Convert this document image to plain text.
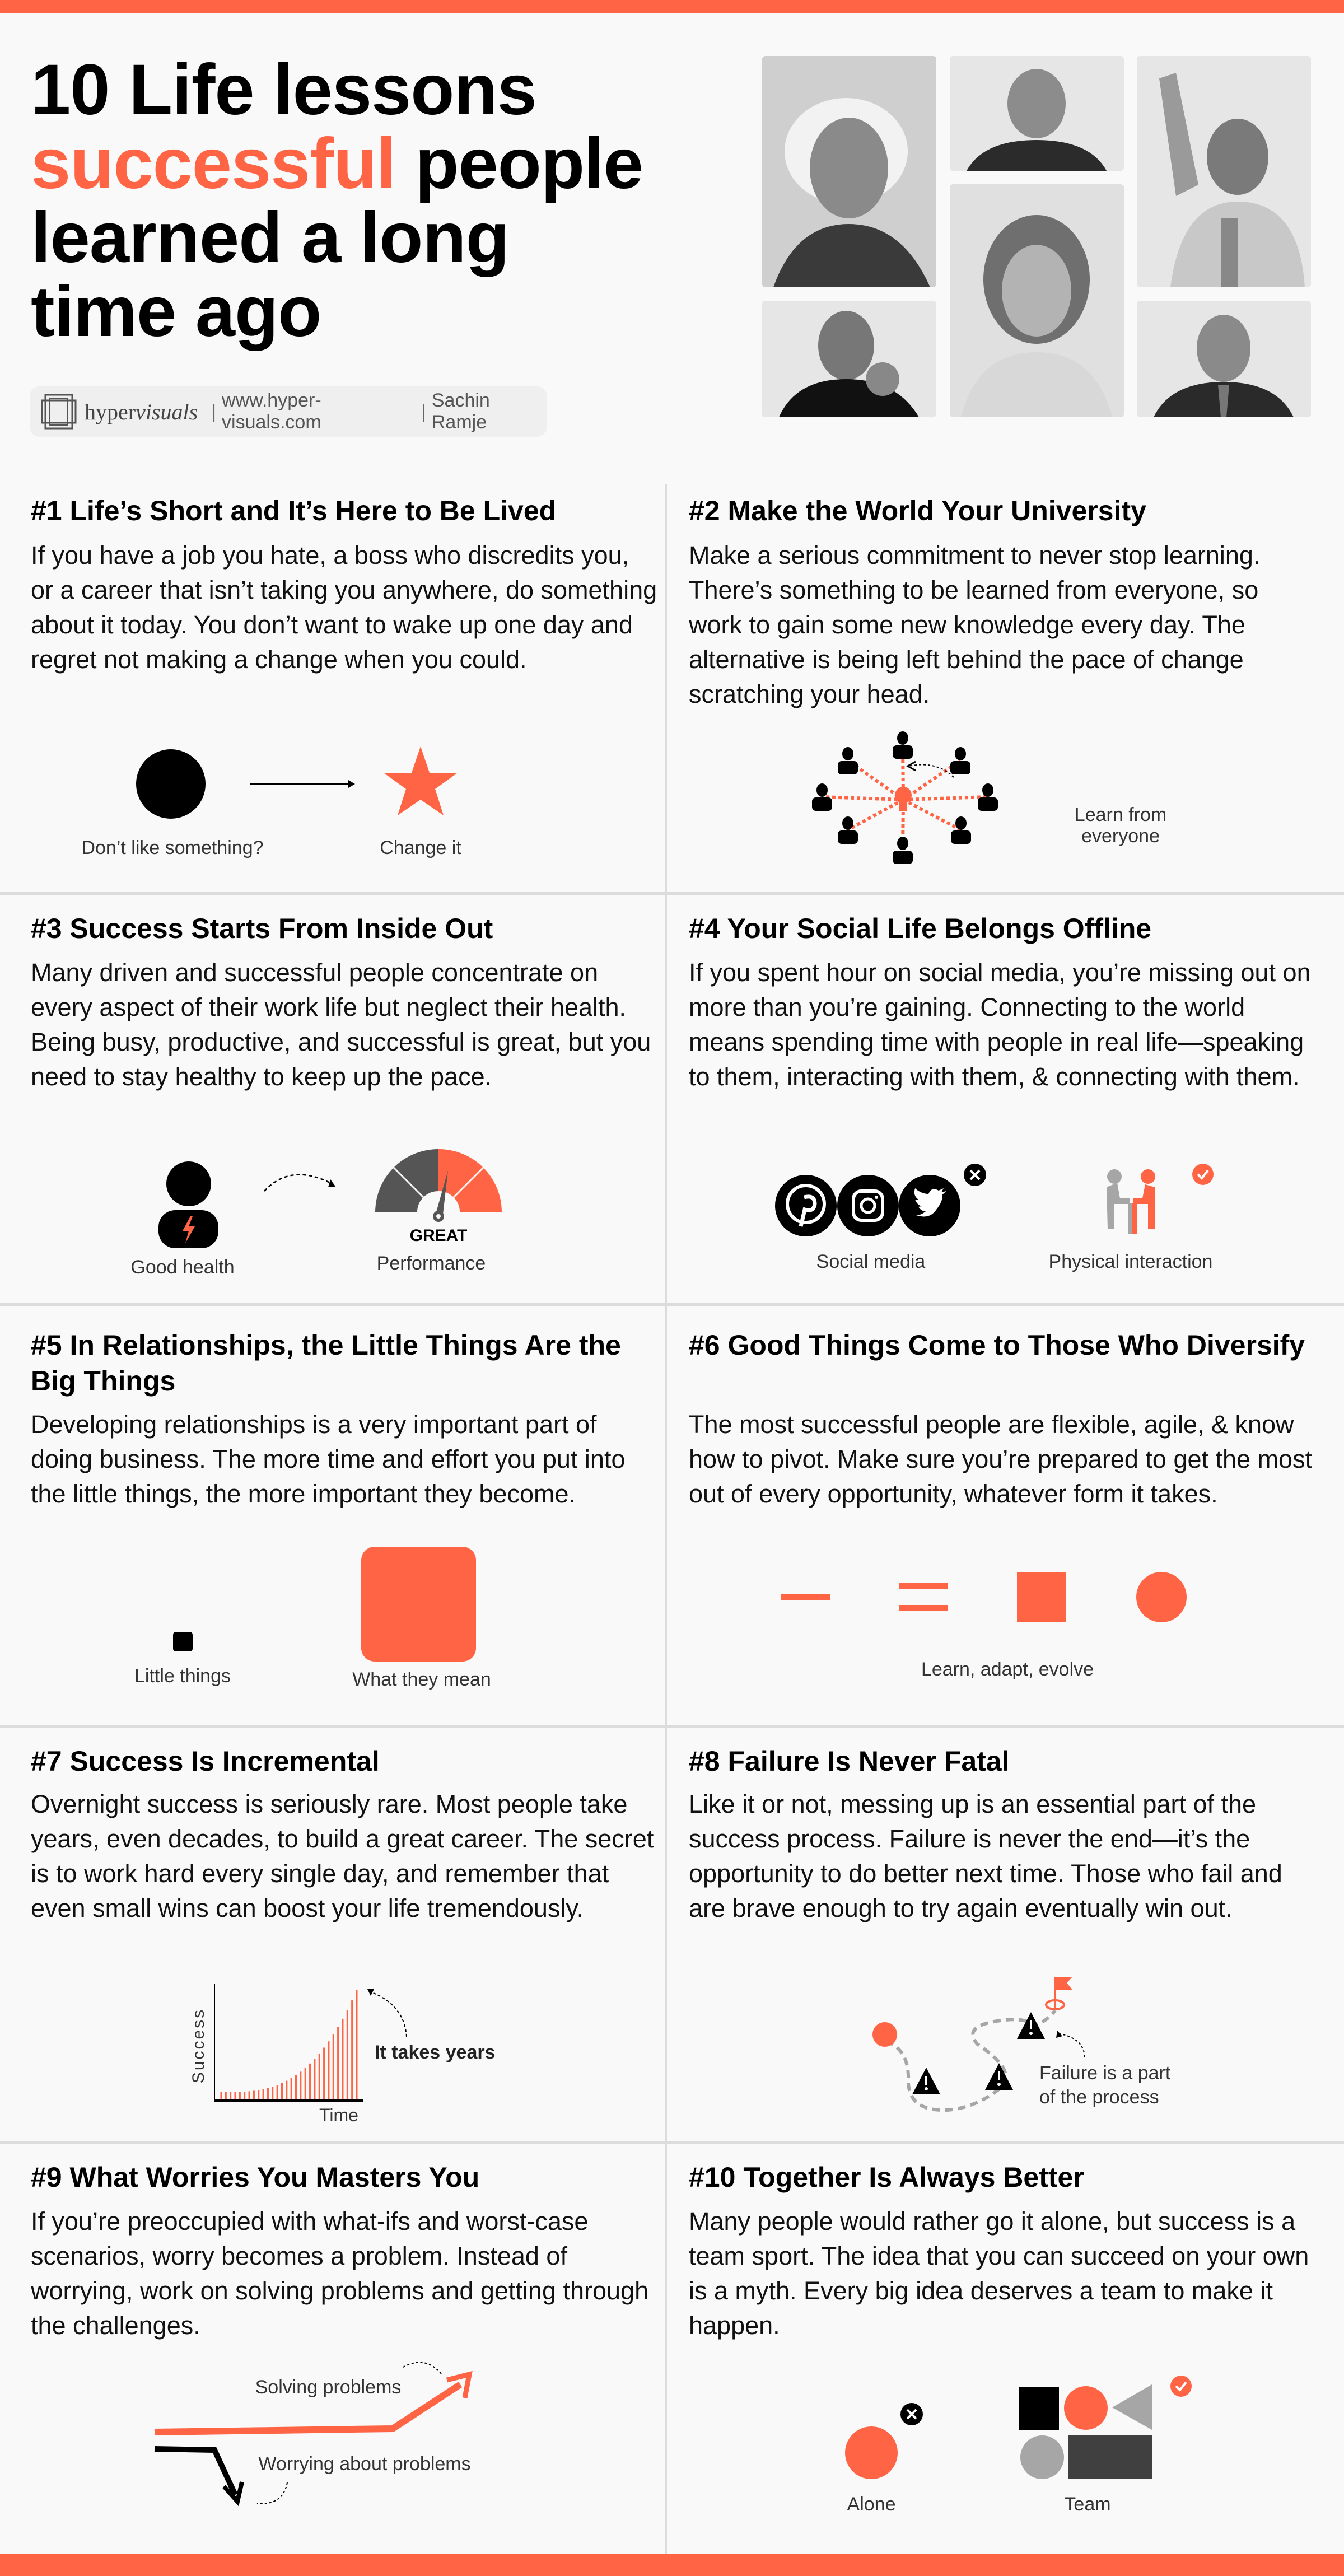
10 Life lessons
successful people
learned a long
time ago
hypervisuals |
www.hyper-visuals.com
|
Sachin Ramje
#1 Life’s Short and It’s Here to Be Lived
If you have a job you hate, a boss who discredits you, or a career that isn’t taking you anywhere, do something about it today. You don’t want to wake up one day and regret not making a change when you could.
Don’t like something?	Change it
#2 Make the World Your University
Make a serious commitment to never stop learning. There’s something to be learned from everyone, so work to gain some new knowledge every day. The alternative is being left behind the pace of change scratching your head.
Learn from
everyone
#3 Success Starts From Inside Out
Many driven and successful people concentrate on every aspect of their work life but neglect their health. Being busy, productive, and successful is great, but you need to stay healthy to keep up the pace.
Good health
GREAT
Performance
#4 Your Social Life Belongs Offline
If you spent hour on social media, you’re missing out on more than you’re gaining. Connecting to the world means spending time with people in real life—speaking to them, interacting with them, & connecting with them.
Social media	Physical interaction
#5 In Relationships, the Little Things Are the Big Things
Developing relationships is a very important part of doing business. The more time and effort you put into the little things, the more important they become.
Little things	What they mean
#6 Good Things Come to Those Who Diversify
The most successful people are flexible, agile, & know how to pivot. Make sure you’re prepared to get the most out of every opportunity, whatever form it takes.
Learn, adapt, evolve
#7 Success Is Incremental
Overnight success is seriously rare. Most people take years, even decades, to build a great career. The secret is to work hard every single day, and remember that even small wins can boost your life tremendously.
Success
Time
It takes years
#8 Failure Is Never Fatal
Like it or not, messing up is an essential part of the success process. Failure is never the end—it’s the opportunity to do better next time. Those who fail and are brave enough to try again eventually win out.
Failure is a part
of the process
#9 What Worries You Masters You
If you’re preoccupied with what-ifs and worst-case scenarios, worry becomes a problem. Instead of worrying, work on solving problems and getting through the challenges.
Solving problems
Worrying about problems
#10 Together Is Always Better
Many people would rather go it alone, but success is a team sport. The idea that you can succeed on your own is a myth. Every big idea deserves a team to make it happen.
Alone	Team
